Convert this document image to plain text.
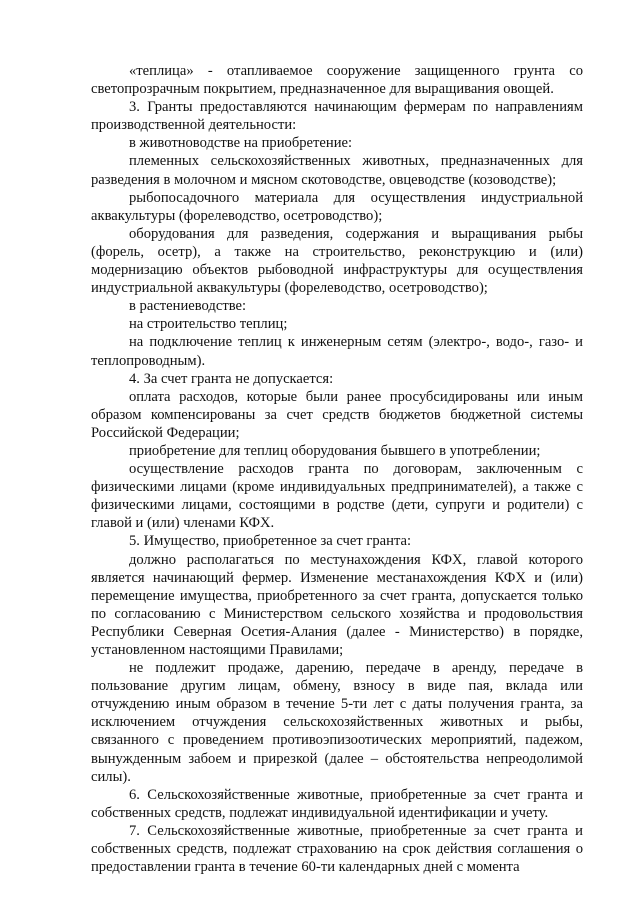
«теплица» - отапливаемое сооружение защищенного грунта со светопрозрачным покрытием, предназначенное для выращивания овощей.

3. Гранты предоставляются начинающим фермерам по направлениям производственной деятельности:

в животноводстве на приобретение:

племенных сельскохозяйственных животных, предназначенных для разведения в молочном и мясном скотоводстве, овцеводстве (козоводстве);

рыбопосадочного материала для осуществления индустриальной аквакультуры (форелеводство, осетроводство);

оборудования для разведения, содержания и выращивания рыбы (форель, осетр), а также на строительство, реконструкцию и (или) модернизацию объектов рыбоводной инфраструктуры для осуществления индустриальной аквакультуры (форелеводство, осетроводство);

в растениеводстве:

на строительство теплиц;

на подключение теплиц к инженерным сетям (электро-, водо-, газо- и теплопроводным).

4. За счет гранта не допускается:

оплата расходов, которые были ранее просубсидированы или иным образом компенсированы за счет средств бюджетов бюджетной системы Российской Федерации;

приобретение для теплиц оборудования бывшего в употреблении;

осуществление расходов гранта по договорам, заключенным с физическими лицами (кроме индивидуальных предпринимателей), а также с физическими лицами, состоящими в родстве (дети, супруги и родители) с главой и (или) членами КФХ.

5. Имущество, приобретенное за счет гранта:

должно располагаться по местунахождения КФХ, главой которого является начинающий фермер. Изменение местанахождения КФХ и (или) перемещение имущества, приобретенного за счет гранта, допускается только по согласованию с Министерством сельского хозяйства и продовольствия Республики Северная Осетия-Алания (далее - Министерство) в порядке, установленном настоящими Правилами;

не подлежит продаже, дарению, передаче в аренду, передаче в пользование другим лицам, обмену, взносу в виде пая, вклада или отчуждению иным образом в течение 5-ти лет с даты получения гранта, за исключением отчуждения сельскохозяйственных животных и рыбы, связанного с проведением противоэпизоотических мероприятий, падежом, вынужденным забоем и прирезкой (далее – обстоятельства непреодолимой силы).

6. Сельскохозяйственные животные, приобретенные за счет гранта и собственных средств, подлежат индивидуальной идентификации и учету.

7. Сельскохозяйственные животные, приобретенные за счет гранта и собственных средств, подлежат страхованию на срок действия соглашения о предоставлении гранта в течение 60-ти календарных дней с момента
